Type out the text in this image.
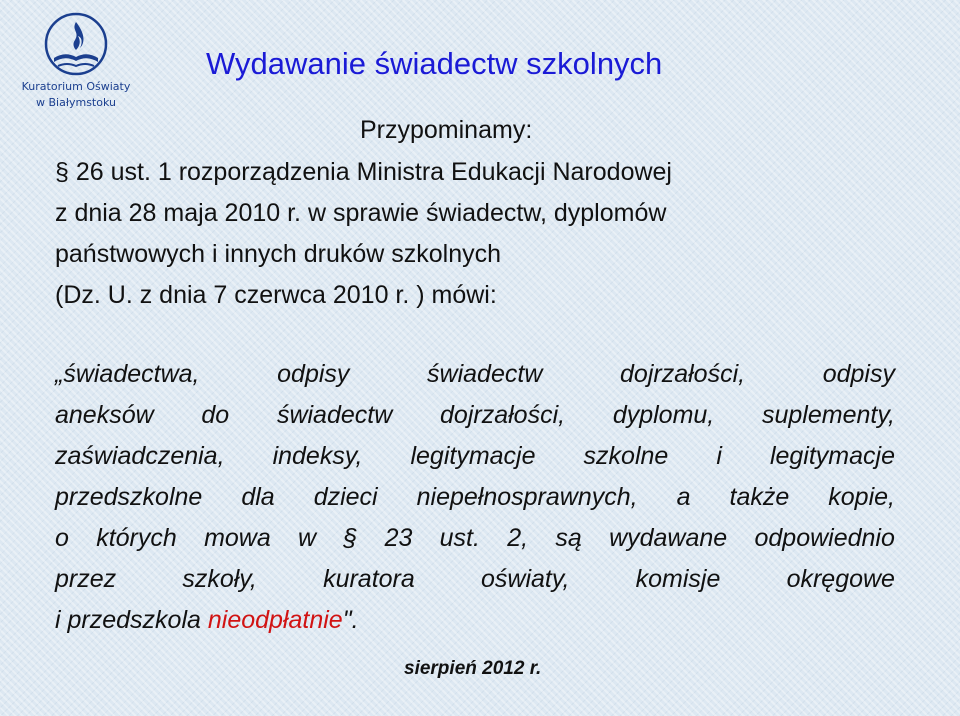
Kuratorium Oświaty
w Białymstoku
Wydawanie świadectw szkolnych
Przypominamy:
§ 26 ust. 1 rozporządzenia Ministra Edukacji Narodowej
z dnia 28 maja 2010 r. w sprawie świadectw, dyplomów
państwowych i innych druków szkolnych
(Dz. U. z dnia 7 czerwca 2010 r. ) mówi:
„świadectwa,	odpisy	świadectw	dojrzałości,	odpisy
aneksów do świadectw dojrzałości, dyplomu, suplementy,
zaświadczenia, indeksy, legitymacje szkolne i legitymacje
przedszkolne dla dzieci niepełnosprawnych, a także kopie,
o których mowa w § 23 ust. 2, są wydawane odpowiednio
przez	szkoły,	kuratora	oświaty,	komisje	okręgowe
i przedszkola nieodpłatnie ".
sierpień 2012 r.
